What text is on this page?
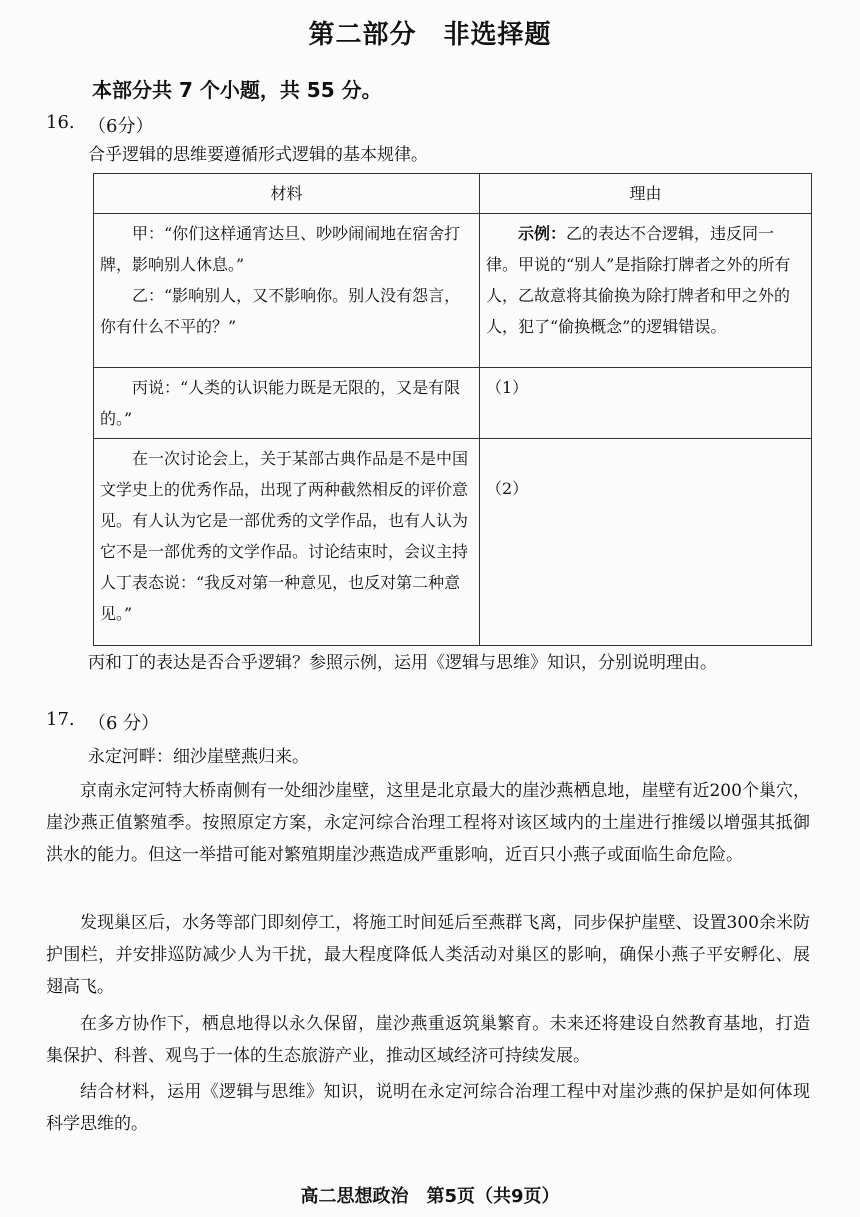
第二部分　非选择题
本部分共 7 个小题，共 55 分。
16. （6分）
合乎逻辑的思维要遵循形式逻辑的基本规律。
材料	理由

甲：“你们这样通宵达旦、吵吵闹闹地在宿舍打牌，影响别人休息。”
乙：“影响别人，又不影响你。别人没有怨言，你有什么不平的？”	示例：乙的表达不合逻辑，违反同一律。甲说的“别人”是指除打牌者之外的所有人，乙故意将其偷换为除打牌者和甲之外的人，犯了“偷换概念”的逻辑错误。

丙说：“人类的认识能力既是无限的，又是有限的。”	（1）

在一次讨论会上，关于某部古典作品是不是中国文学史上的优秀作品，出现了两种截然相反的评价意见。有人认为它是一部优秀的文学作品，也有人认为它不是一部优秀的文学作品。讨论结束时，会议主持人丁表态说：“我反对第一种意见，也反对第二种意见。”	（2）
丙和丁的表达是否合乎逻辑？参照示例，运用《逻辑与思维》知识，分别说明理由。
17. （6 分）
永定河畔：细沙崖壁燕归来。
京南永定河特大桥南侧有一处细沙崖壁，这里是北京最大的崖沙燕栖息地，崖壁有近200个巢穴，崖沙燕正值繁殖季。按照原定方案，永定河综合治理工程将对该区域内的土崖进行推缓以增强其抵御洪水的能力。但这一举措可能对繁殖期崖沙燕造成严重影响，近百只小燕子或面临生命危险。
发现巢区后，水务等部门即刻停工，将施工时间延后至燕群飞离，同步保护崖壁、设置300余米防护围栏，并安排巡防减少人为干扰，最大程度降低人类活动对巢区的影响，确保小燕子平安孵化、展翅高飞。
在多方协作下，栖息地得以永久保留，崖沙燕重返筑巢繁育。未来还将建设自然教育基地，打造集保护、科普、观鸟于一体的生态旅游产业，推动区域经济可持续发展。
结合材料，运用《逻辑与思维》知识，说明在永定河综合治理工程中对崖沙燕的保护是如何体现科学思维的。
高二思想政治　第5页（共9页）
